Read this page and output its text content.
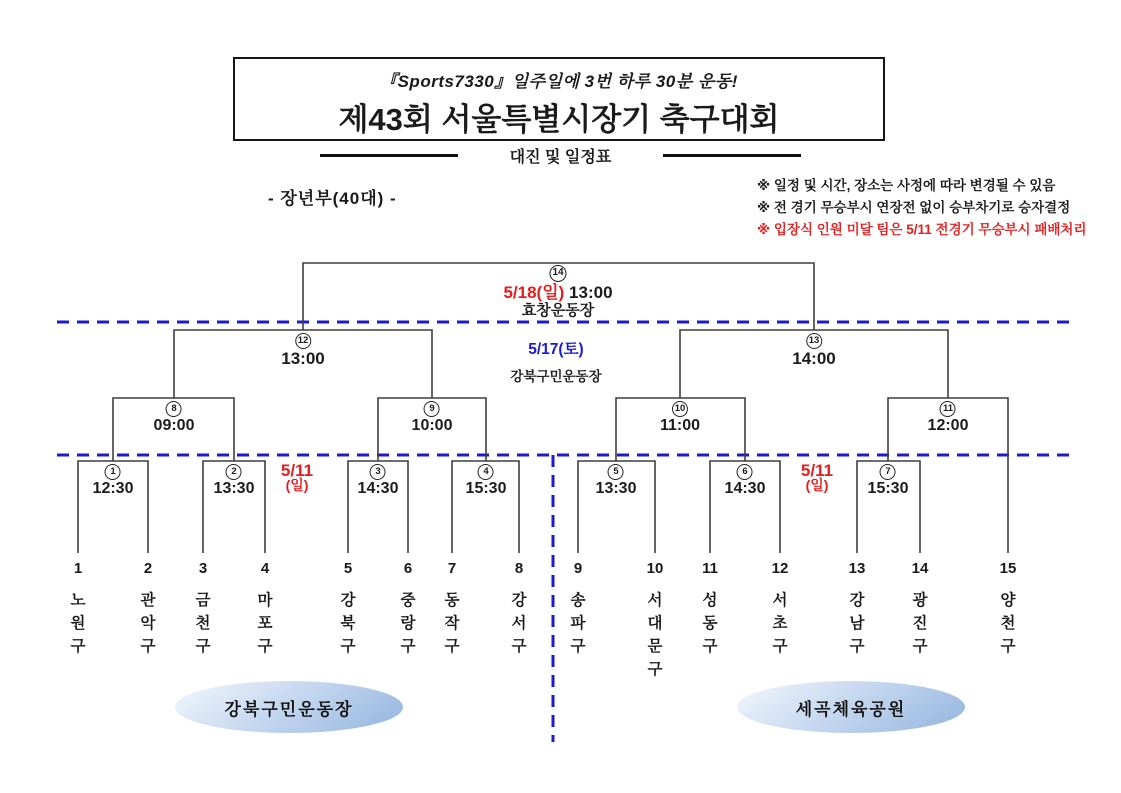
『Sports7330』일주일에 3번 하루 30분 운동!
제43회 서울특별시장기 축구대회
대진 및 일정표
- 장년부(40대) -
※ 일정 및 시간, 장소는 사정에 따라 변경될 수 있음
※ 전 경기 무승부시 연장전 없이 승부차기로 승자결정
※ 입장식 인원 미달 팀은 5/11 전경기 무승부시 패배처리
14
5/18(일) 13:00
효창운동장
5/17(토)
강북구민운동장
1
12:30
2
13:30
3
14:30
4
15:30
5
13:30
6
14:30
7
15:30
8
09:00
9
10:00
10
11:00
11
12:00
12
13:00
13
14:00
5/11
(일)
5/11
(일)
1
노
원
구
2
관
악
구
3
금
천
구
4
마
포
구
5
강
북
구
6
중
랑
구
7
동
작
구
8
강
서
구
9
송
파
구
10
서
대
문
구
11
성
동
구
12
서
초
구
13
강
남
구
14
광
진
구
15
양
천
구
강북구민운동장	세곡체육공원
